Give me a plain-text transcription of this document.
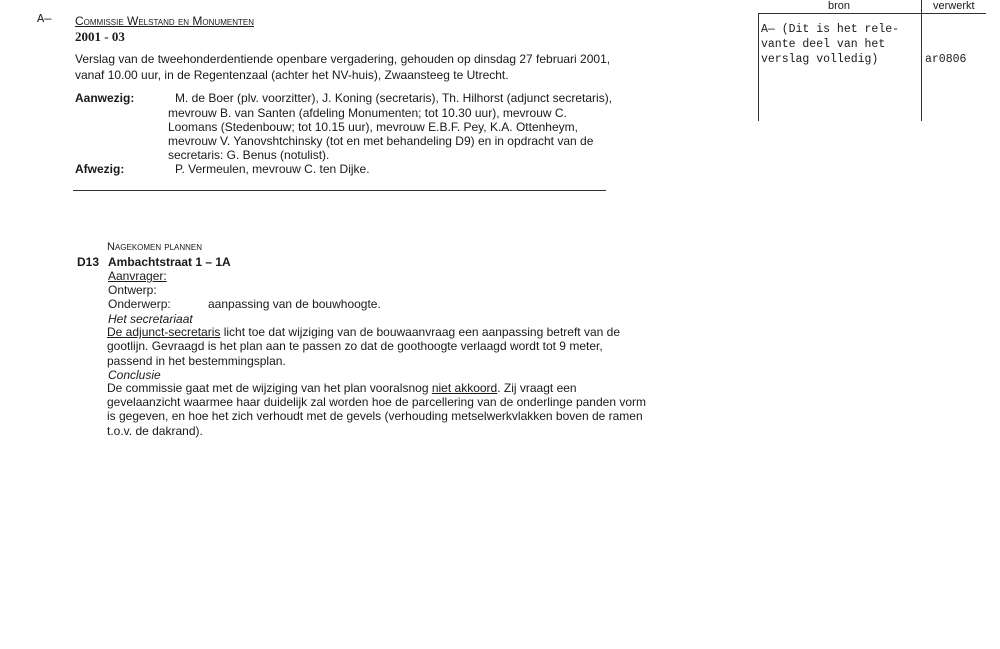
A— Commissie Welstand en Monumenten
2001 - 03
Verslag van de tweehonderdentiende openbare vergadering, gehouden op dinsdag 27 februari 2001,
vanaf 10.00 uur, in de Regentenzaal (achter het NV-huis), Zwaansteeg te Utrecht.
Aanwezig:	M. de Boer (plv. voorzitter), J. Koning (secretaris), Th. Hilhorst (adjunct secretaris),
mevrouw B. van Santen (afdeling Monumenten; tot 10.30 uur), mevrouw C.
Loomans (Stedenbouw; tot 10.15 uur), mevrouw E.B.F. Pey, K.A. Ottenheym,
mevrouw V. Yanovshtchinsky (tot en met behandeling D9) en in opdracht van de
secretaris: G. Benus (notulist).
Afwezig:	P. Vermeulen, mevrouw C. ten Dijke.
Nagekomen plannen
D13 Ambachtstraat 1 – 1A
Aanvrager:
Ontwerp:
Onderwerp:	aanpassing van de bouwhoogte.
Het secretariaat
De adjunct-secretaris licht toe dat wijziging van de bouwaanvraag een aanpassing betreft van de
gootlijn. Gevraagd is het plan aan te passen zo dat de goothoogte verlaagd wordt tot 9 meter,
passend in het bestemmingsplan.
Conclusie
De commissie gaat met de wijziging van het plan vooralsnog niet akkoord. Zij vraagt een
gevelaanzicht waarmee haar duidelijk zal worden hoe de parcellering van de onderlinge panden vorm
is gegeven, en hoe het zich verhoudt met de gevels (verhouding metselwerkvlakken boven de ramen
t.o.v. de dakrand).
bron	verwerkt
A— (Dit is het rele-
vante deel van het
verslag volledig)	ar0806
